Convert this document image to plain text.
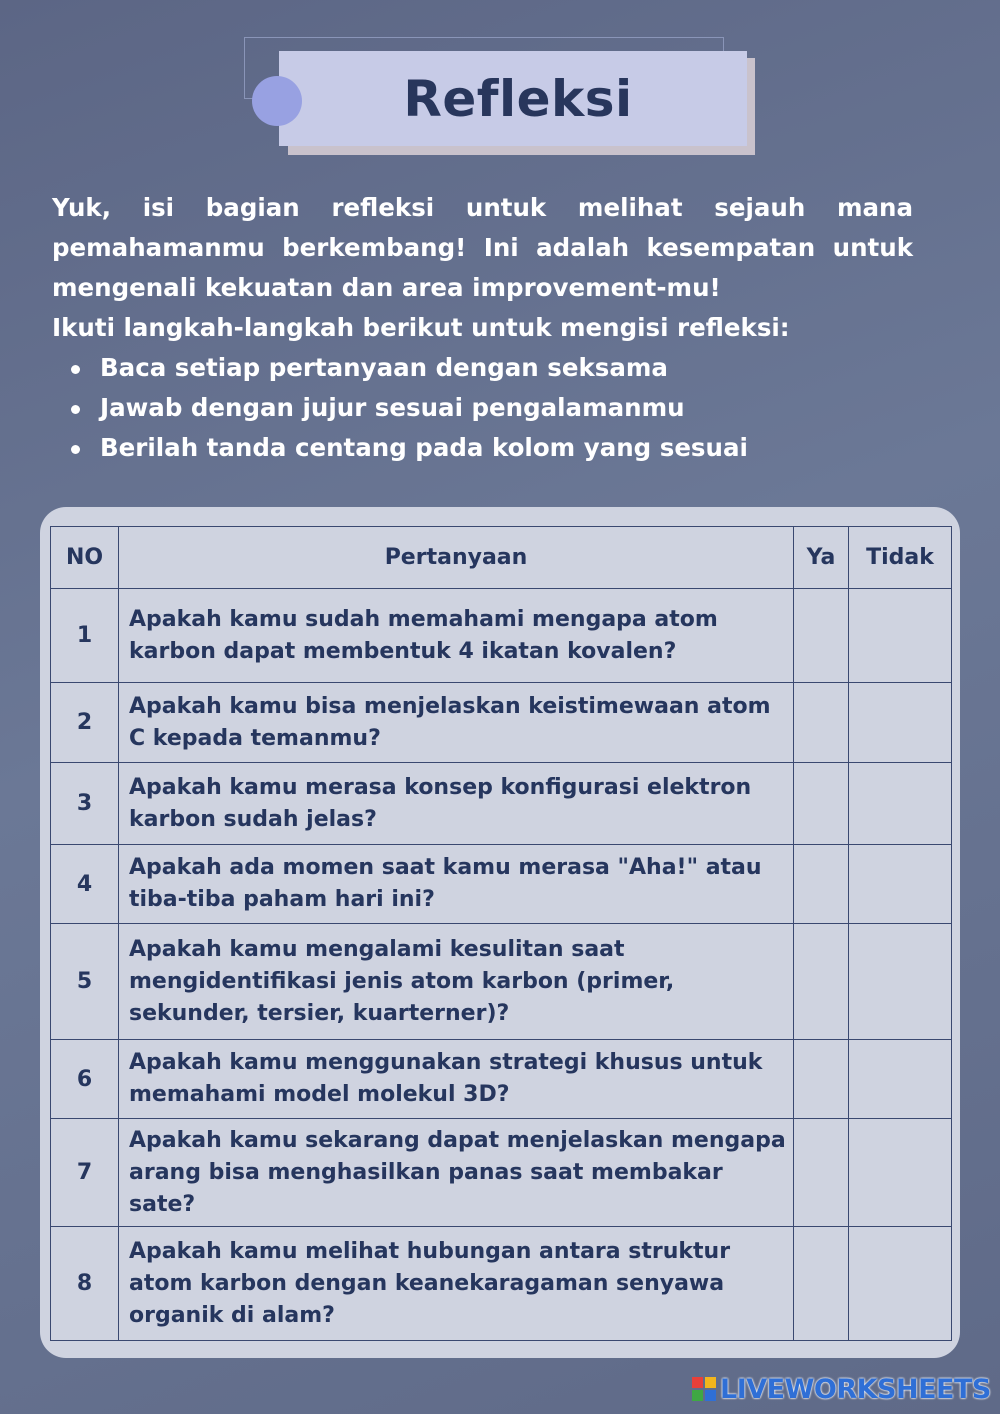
Refleksi

Yuk, isi bagian refleksi untuk melihat sejauh mana pemahamanmu berkembang! Ini adalah kesempatan untuk mengenali kekuatan dan area improvement-mu!

Ikuti langkah-langkah berikut untuk mengisi refleksi:

Baca setiap pertanyaan dengan seksama
Jawab dengan jujur sesuai pengalamanmu
Berilah tanda centang pada kolom yang sesuai
NO	Pertanyaan	Ya	Tidak
1	Apakah kamu sudah memahami mengapa atom karbon dapat membentuk 4 ikatan kovalen?		
2	Apakah kamu bisa menjelaskan keistimewaan atom C kepada temanmu?		
3	Apakah kamu merasa konsep konfigurasi elektron karbon sudah jelas?		
4	Apakah ada momen saat kamu merasa "Aha!" atau tiba-tiba paham hari ini?		
5	Apakah kamu mengalami kesulitan saat mengidentifikasi jenis atom karbon (primer, sekunder, tersier, kuarterner)?		
6	Apakah kamu menggunakan strategi khusus untuk memahami model molekul 3D?		
7	Apakah kamu sekarang dapat menjelaskan mengapa arang bisa menghasilkan panas saat membakar sate?		
8	Apakah kamu melihat hubungan antara struktur atom karbon dengan keanekaragaman senyawa organik di alam?		
LIVEWORKSHEETS
